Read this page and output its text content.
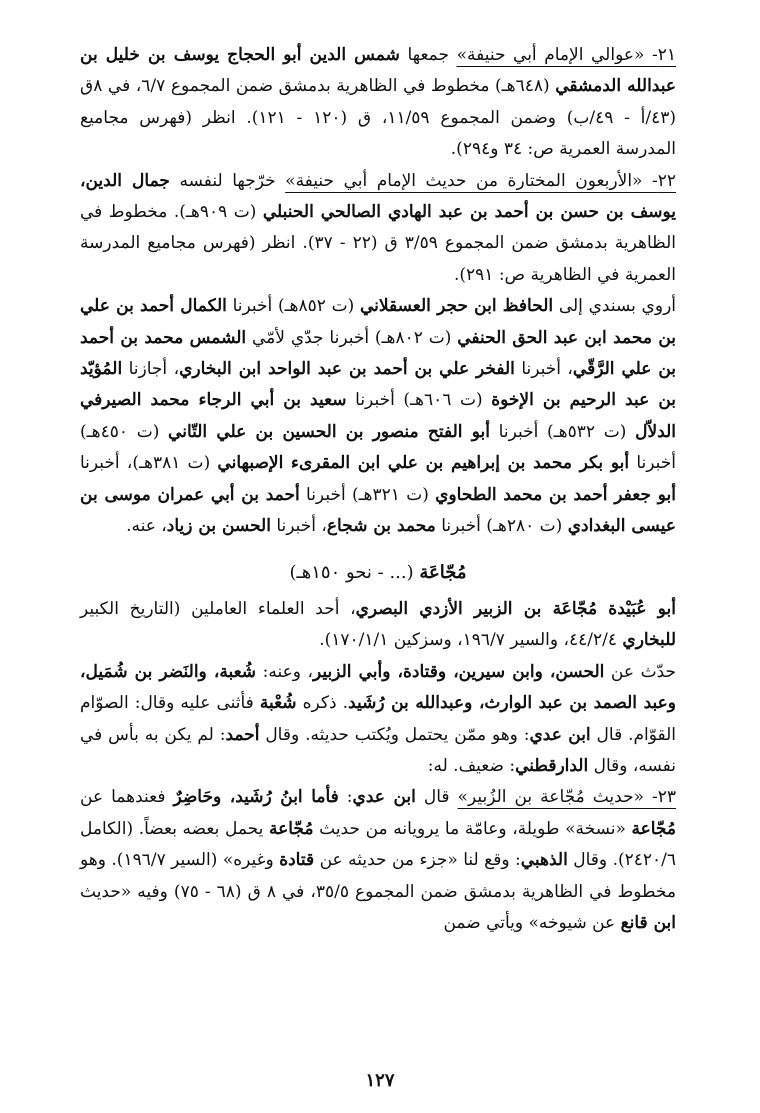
٢١- «عوالي الإمام أبي حنيفة» جمعها شمس الدين أبو الحجاج يوسف بن خليل بن عبدالله الدمشقي (٦٤٨هـ) مخطوط في الظاهرية بدمشق ضمن المجموع ٦/٧، في ٨ق (٤٣/أ - ٤٩/ب) وضمن المجموع ١١/٥٩، ق (١٢٠ - ١٢١). انظر (فهرس مجاميع المدرسة العمرية ص: ٣٤ و٢٩٤).

٢٢- «الأربعون المختارة من حديث الإمام أبي حنيفة» خرّجها لنفسه جمال الدين، يوسف بن حسن بن أحمد بن عبد الهادي الصالحي الحنبلي (ت ٩٠٩هـ). مخطوط في الظاهرية بدمشق ضمن المجموع ٣/٥٩ ق (٢٢ - ٣٧). انظر (فهرس مجاميع المدرسة العمرية في الظاهرية ص: ٢٩١).

أروي بسندي إلى الحافظ ابن حجر العسقلاني (ت ٨٥٢هـ) أخبرنا الكمال أحمد بن علي بن محمد ابن عبد الحق الحنفي (ت ٨٠٢هـ) أخبرنا جدّي لأمّي الشمس محمد بن أحمد بن علي الرَّقّي، أخبرنا الفخر علي بن أحمد بن عبد الواحد ابن البخاري، أجازنا المُؤيّد بن عبد الرحيم بن الإخوة (ت ٦٠٦هـ) أخبرنا سعيد بن أبي الرجاء محمد الصيرفي الدلاّل (ت ٥٣٢هـ) أخبرنا أبو الفتح منصور بن الحسين بن علي التّاني (ت ٤٥٠هـ) أخبرنا أبو بكر محمد بن إبراهيم بن علي ابن المقرىء الإصبهاني (ت ٣٨١هـ)، أخبرنا أبو جعفر أحمد بن محمد الطحاوي (ت ٣٢١هـ) أخبرنا أحمد بن أبي عمران موسى بن عيسى البغدادي (ت ٢٨٠هـ) أخبرنا محمد بن شجاع، أخبرنا الحسن بن زياد، عنه.

مُجّاعَة (... - نحو ١٥٠هـ)

أبو عُبَيْدة مُجّاعَة بن الزبير الأزدي البصري، أحد العلماء العاملين (التاريخ الكبير للبخاري ٤٤/٢/٤، والسير ١٩٦/٧، وسزكين ١٧٠/١/١).

حدّث عن الحسن، وابن سيرين، وقتادة، وأبي الزبير، وعنه: شُعبة، والنَضر بن شُمَيل، وعبد الصمد بن عبد الوارث، وعبدالله بن رُشَيد. ذكره شُعْبة فأثنى عليه وقال: الصوّام القوّام. قال ابن عدي: وهو ممّن يحتمل ويُكتب حديثه. وقال أحمد: لم يكن به بأس في نفسه، وقال الدارقطني: ضعيف. له:

٢٣- «حديث مُجّاعة بن الزُبير» قال ابن عدي: فأما ابنُ رُشَيد، وحَاضِرٌ فعندهما عن مُجّاعة «نسخة» طويلة، وعامّة ما يرويانه من حديث مُجّاعة يحمل بعضه بعضاً. (الكامل ٢٤٢٠/٦). وقال الذهبي: وقع لنا «جزء من حديثه عن قتادة وغيره» (السير ١٩٦/٧). وهو مخطوط في الظاهرية بدمشق ضمن المجموع ٣٥/٥، في ٨ ق (٦٨ - ٧٥) وفيه «حديث ابن قانع عن شيوخه» ويأتي ضمن

١٢٧
